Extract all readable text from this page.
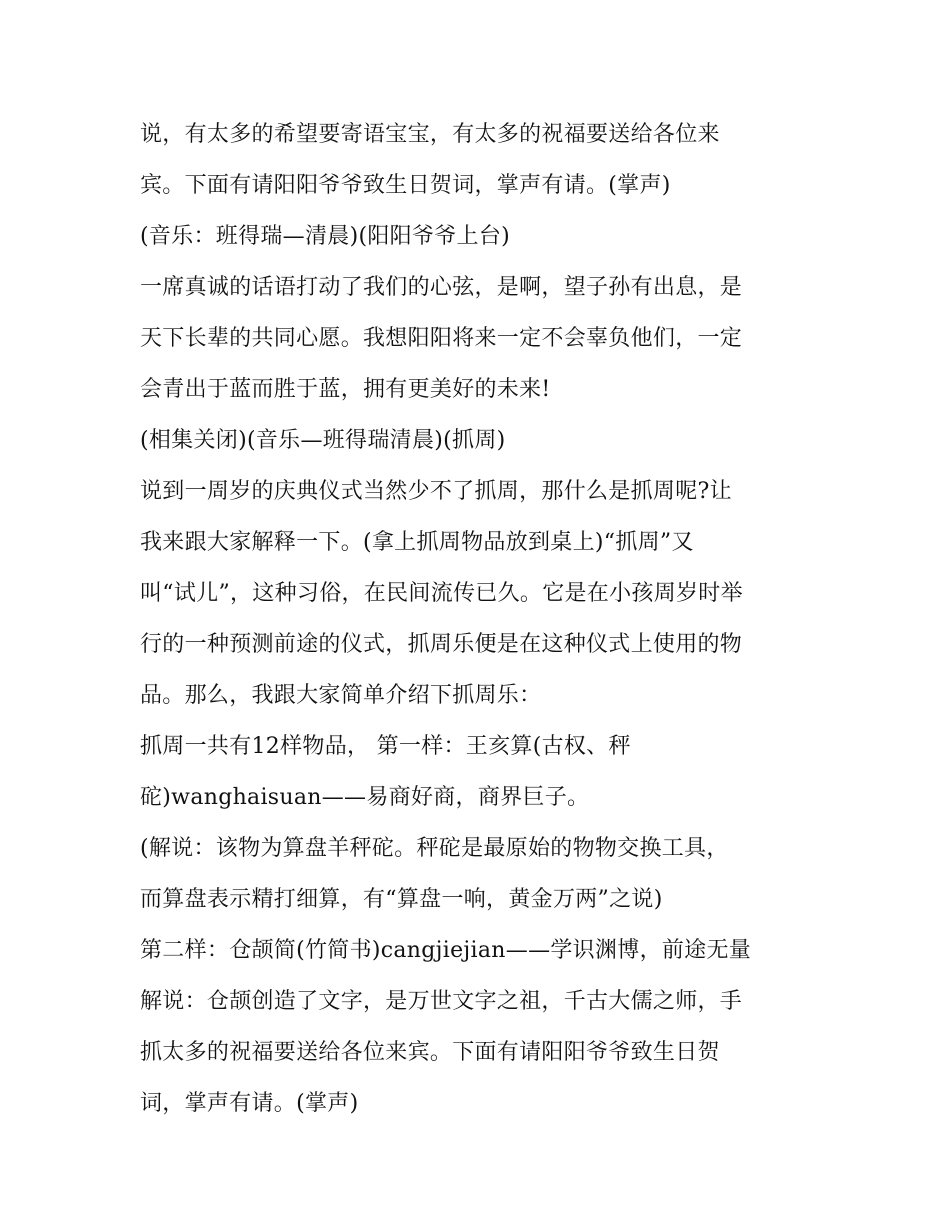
说，有太多的希望要寄语宝宝，有太多的祝福要送给各位来
宾。下面有请阳阳爷爷致生日贺词，掌声有请。(掌声)
(音乐：班得瑞—清晨)(阳阳爷爷上台)
一席真诚的话语打动了我们的心弦，是啊，望子孙有出息，是
天下长辈的共同心愿。我想阳阳将来一定不会辜负他们，一定
会青出于蓝而胜于蓝，拥有更美好的未来!
(相集关闭)(音乐—班得瑞清晨)(抓周)
说到一周岁的庆典仪式当然少不了抓周，那什么是抓周呢?让
我来跟大家解释一下。(拿上抓周物品放到桌上)“抓周”又
叫“试儿”，这种习俗，在民间流传已久。它是在小孩周岁时举
行的一种预测前途的仪式，抓周乐便是在这种仪式上使用的物
品。那么，我跟大家简单介绍下抓周乐：
抓周一共有12样物品， 第一样：王亥算(古权、秤
砣)wanghaisuan——易商好商，商界巨子。
(解说：该物为算盘羊秤砣。秤砣是最原始的物物交换工具，
而算盘表示精打细算，有“算盘一响，黄金万两”之说)
第二样：仓颉简(竹简书)cangjiejian——学识渊博，前途无量
解说：仓颉创造了文字，是万世文字之祖，千古大儒之师，手
抓太多的祝福要送给各位来宾。下面有请阳阳爷爷致生日贺
词，掌声有请。(掌声)
